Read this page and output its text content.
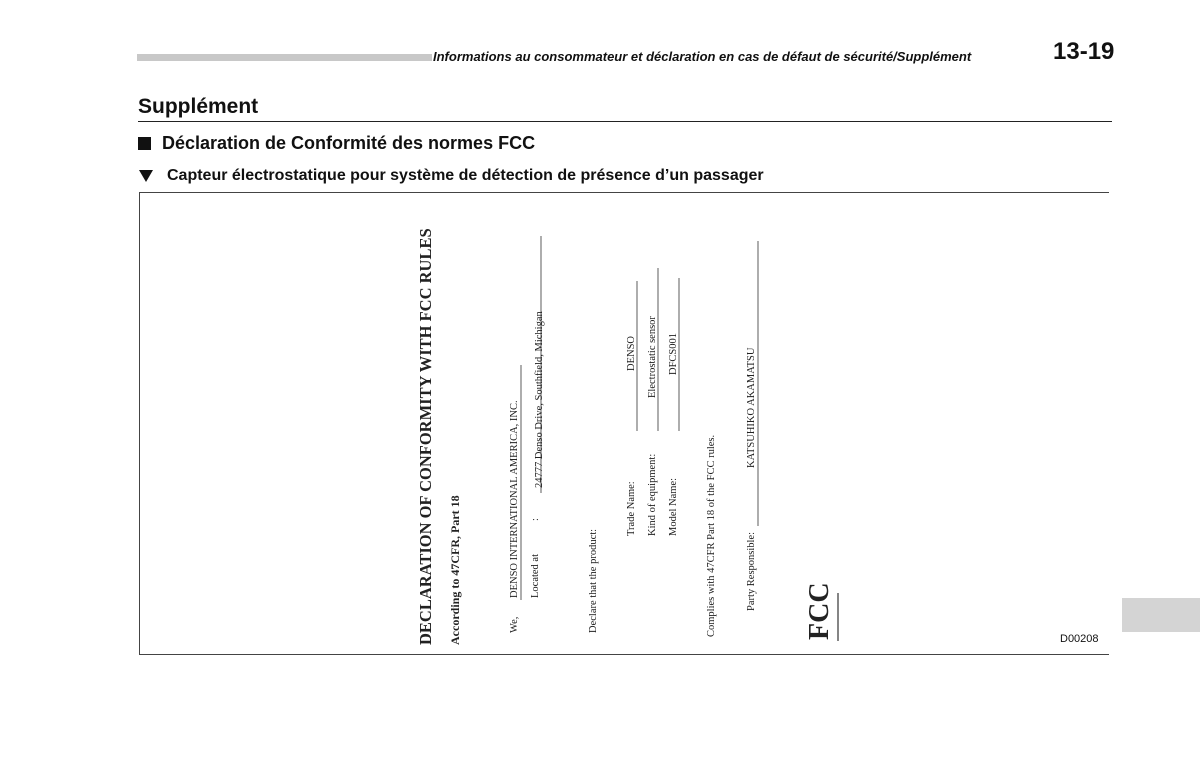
Informations au consommateur et déclaration en cas de défaut de sécurité/Supplément	13-19
Supplément
Déclaration de Conformité des normes FCC
Capteur électrostatique pour système de détection de présence d’un passager
DECLARATION OF CONFORMITY WITH FCC RULES According to 47CFR, Part 18	We,
DENSO INTERNATIONAL AMERICA, INC. Located at
:
24777 Denso Drive, Southfield, Michigan
Declare that the product:
Trade Name:
DENSO
Kind of equipment:
Electrostatic sensor
Model Name:
DFCS001
Complies with 47CFR Part 18 of the FCC rules.	Party Responsible:
KATSUHIKO AKAMATSU
FCC	D00208
